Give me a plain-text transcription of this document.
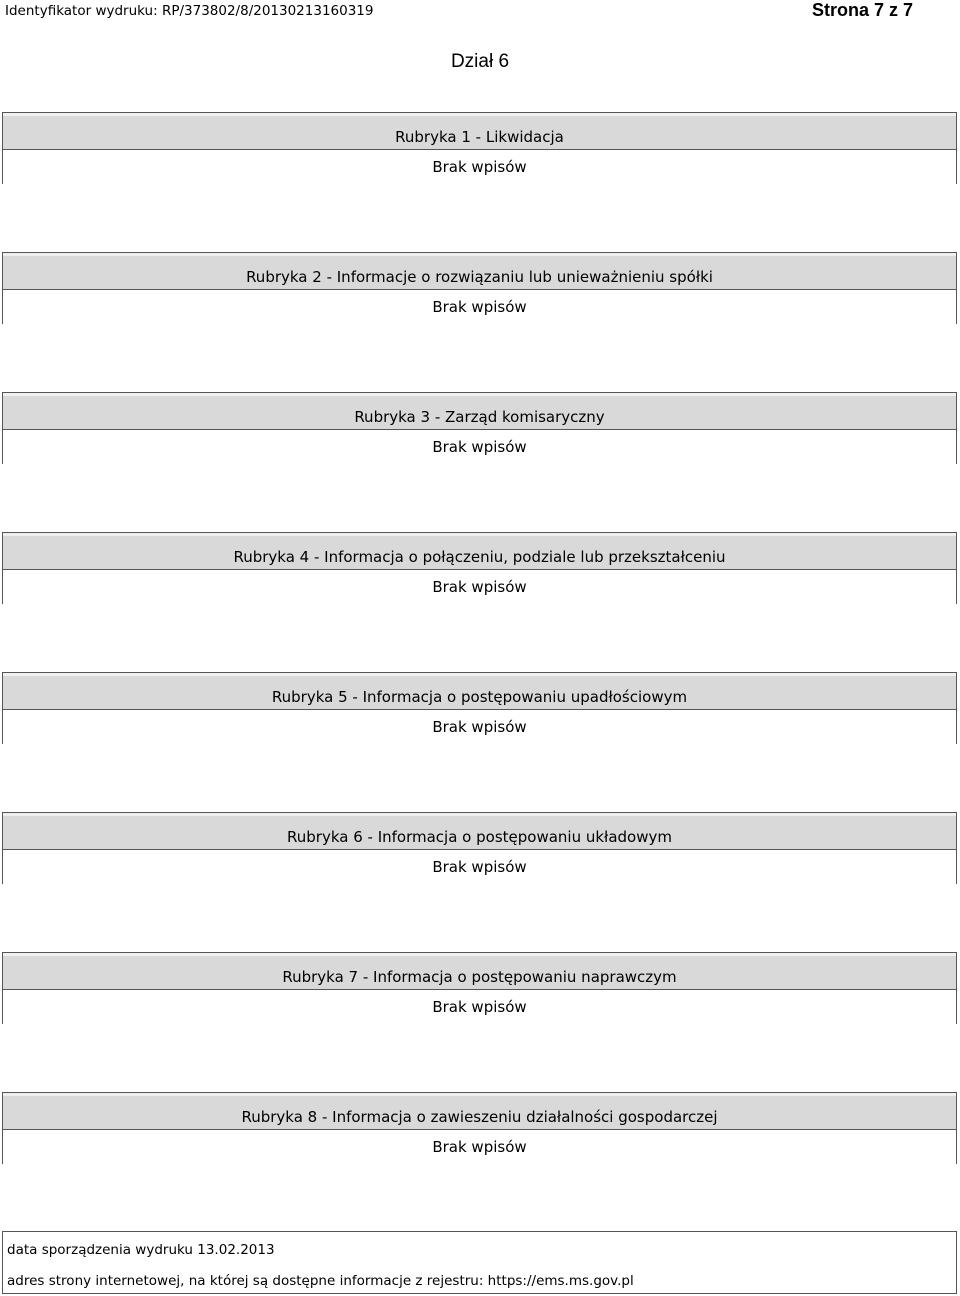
Identyfikator wydruku: RP/373802/8/20130213160319	Strona 7 z 7
Dział 6
Rubryka 1 - Likwidacja
Brak wpisów
Rubryka 2 - Informacje o rozwiązaniu lub unieważnieniu spółki
Brak wpisów
Rubryka 3 - Zarząd komisaryczny
Brak wpisów
Rubryka 4 - Informacja o połączeniu, podziale lub przekształceniu
Brak wpisów
Rubryka 5 - Informacja o postępowaniu upadłościowym
Brak wpisów
Rubryka 6 - Informacja o postępowaniu układowym
Brak wpisów
Rubryka 7 - Informacja o postępowaniu naprawczym
Brak wpisów
Rubryka 8 - Informacja o zawieszeniu działalności gospodarczej
Brak wpisów
data sporządzenia wydruku 13.02.2013
adres strony internetowej, na której są dostępne informacje z rejestru: https://ems.ms.gov.pl
